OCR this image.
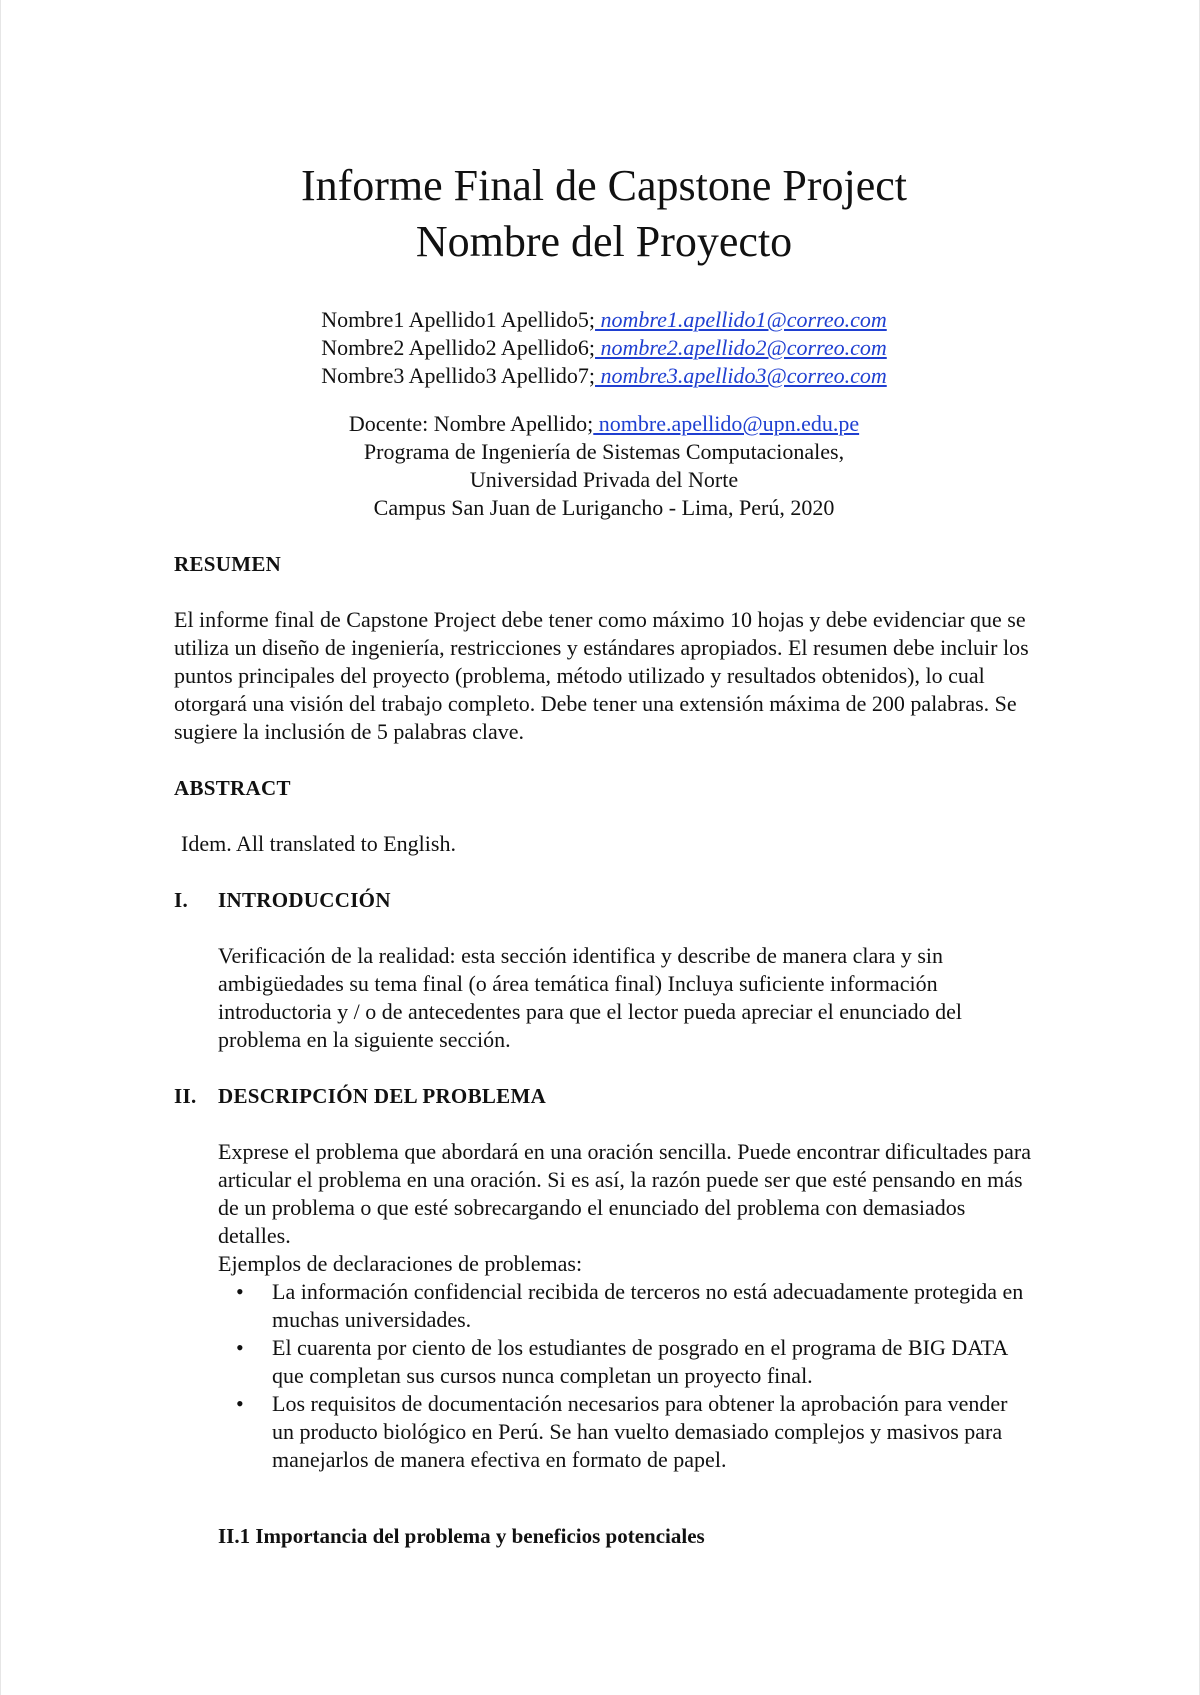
Informe Final de Capstone Project
Nombre del Proyecto
Nombre1 Apellido1 Apellido5; nombre1.apellido1@correo.com
Nombre2 Apellido2 Apellido6; nombre2.apellido2@correo.com
Nombre3 Apellido3 Apellido7; nombre3.apellido3@correo.com
Docente: Nombre Apellido; nombre.apellido@upn.edu.pe
Programa de Ingeniería de Sistemas Computacionales,
Universidad Privada del Norte
Campus San Juan de Lurigancho - Lima, Perú, 2020
RESUMEN

El informe final de Capstone Project debe tener como máximo 10 hojas y debe evidenciar que se utiliza un diseño de ingeniería, restricciones y estándares apropiados. El resumen debe incluir los puntos principales del proyecto (problema, método utilizado y resultados obtenidos), lo cual otorgará una visión del trabajo completo. Debe tener una extensión máxima de 200 palabras. Se sugiere la inclusión de 5 palabras clave.

ABSTRACT

Idem. All translated to English.

I.	INTRODUCCIÓN

Verificación de la realidad: esta sección identifica y describe de manera clara y sin ambigüedades su tema final (o área temática final) Incluya suficiente información introductoria y / o de antecedentes para que el lector pueda apreciar el enunciado del problema en la siguiente sección.

II.	DESCRIPCIÓN DEL PROBLEMA
Exprese el problema que abordará en una oración sencilla. Puede encontrar dificultades para articular el problema en una oración. Si es así, la razón puede ser que esté pensando en más de un problema o que esté sobrecargando el enunciado del problema con demasiados detalles.
Ejemplos de declaraciones de problemas:
• La información confidencial recibida de terceros no está adecuadamente protegida en muchas universidades.
• El cuarenta por ciento de los estudiantes de posgrado en el programa de BIG DATA que completan sus cursos nunca completan un proyecto final.
• Los requisitos de documentación necesarios para obtener la aprobación para vender un producto biológico en Perú. Se han vuelto demasiado complejos y masivos para manejarlos de manera efectiva en formato de papel.
II.1 Importancia del problema y beneficios potenciales
